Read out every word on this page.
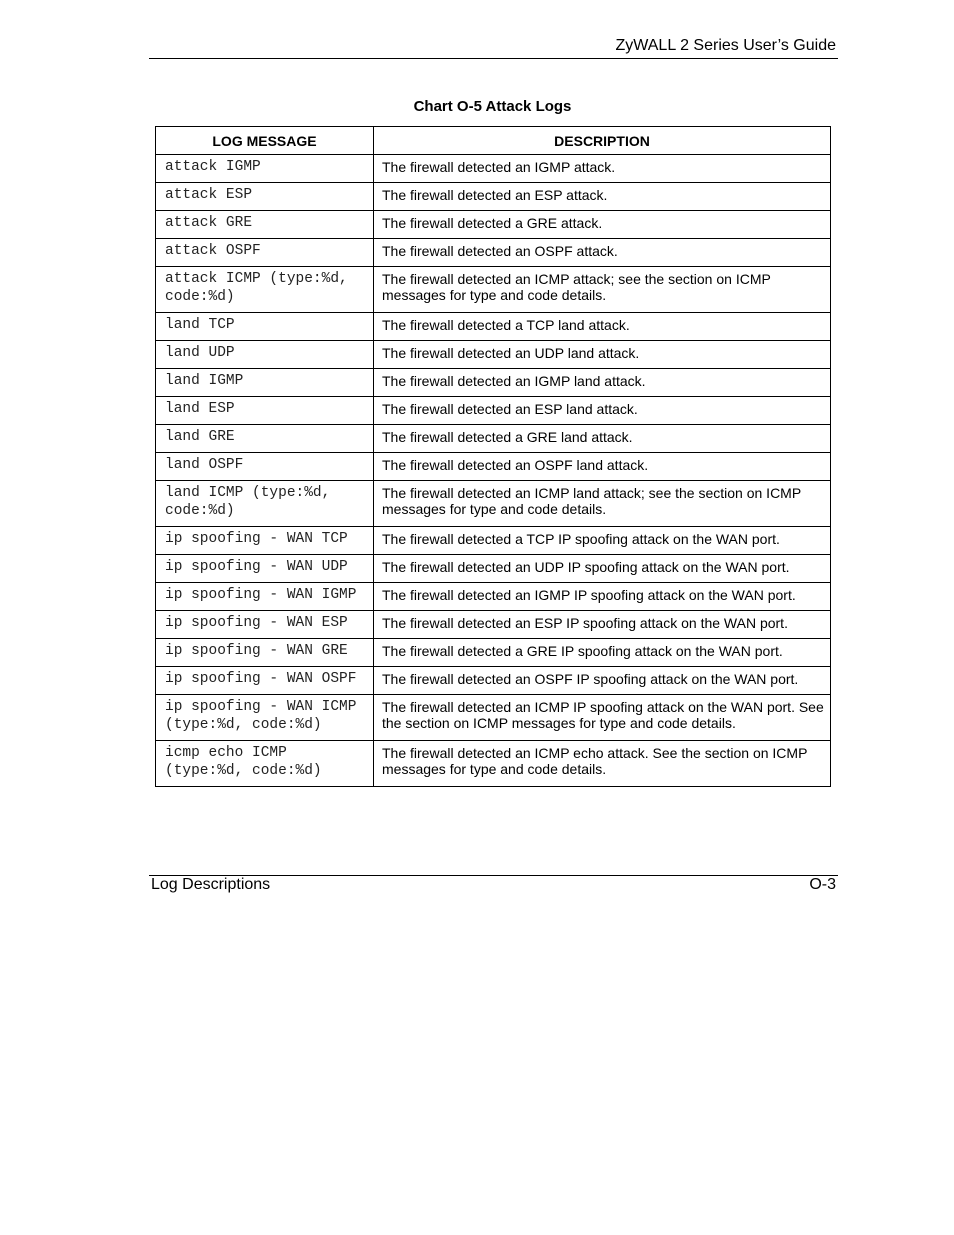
ZyWALL 2 Series User’s Guide
Chart O-5 Attack Logs
LOG MESSAGE	DESCRIPTION
attack IGMP	The firewall detected an IGMP attack.
attack ESP	The firewall detected an ESP attack.
attack GRE	The firewall detected a GRE attack.
attack OSPF	The firewall detected an OSPF attack.
attack ICMP (type:%d, code:%d)	The firewall detected an ICMP attack; see the section on ICMP messages for type and code details.
land TCP	The firewall detected a TCP land attack.
land UDP	The firewall detected an UDP land attack.
land IGMP	The firewall detected an IGMP land attack.
land ESP	The firewall detected an ESP land attack.
land GRE	The firewall detected a GRE land attack.
land OSPF	The firewall detected an OSPF land attack.
land ICMP (type:%d, code:%d)	The firewall detected an ICMP land attack; see the section on ICMP messages for type and code details.
ip spoofing - WAN TCP	The firewall detected a TCP IP spoofing attack on the WAN port.
ip spoofing - WAN UDP	The firewall detected an UDP IP spoofing attack on the WAN port.
ip spoofing - WAN IGMP	The firewall detected an IGMP IP spoofing attack on the WAN port.
ip spoofing - WAN ESP	The firewall detected an ESP IP spoofing attack on the WAN port.
ip spoofing - WAN GRE	The firewall detected a GRE IP spoofing attack on the WAN port.
ip spoofing - WAN OSPF	The firewall detected an OSPF IP spoofing attack on the WAN port.
ip spoofing - WAN ICMP (type:%d, code:%d)	The firewall detected an ICMP IP spoofing attack on the WAN port. See the section on ICMP messages for type and code details.
icmp echo ICMP (type:%d, code:%d)	The firewall detected an ICMP echo attack. See the section on ICMP messages for type and code details.
Log Descriptions	O-3
